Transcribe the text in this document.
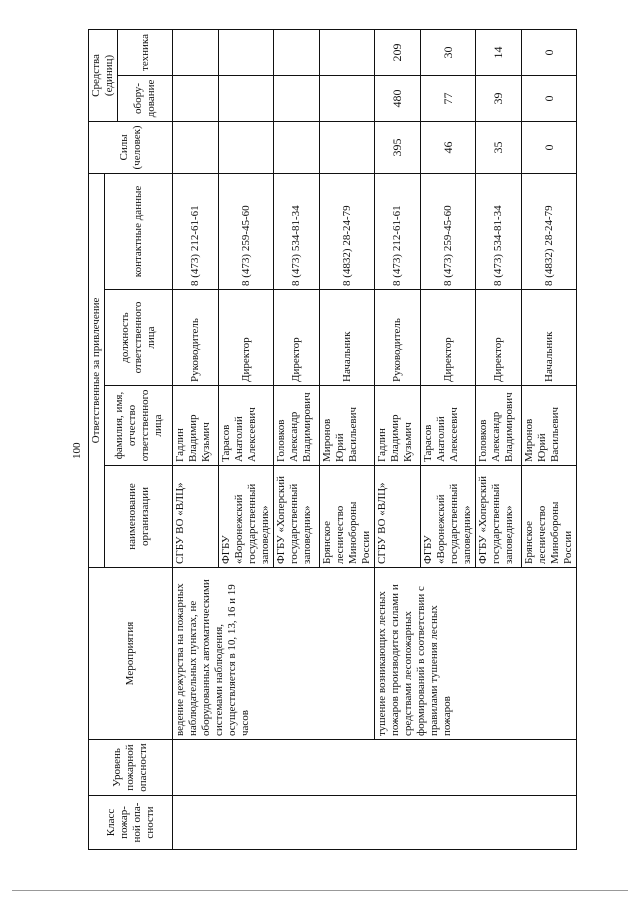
100
Класс пожар-ной опа-сности	Уровень пожарной опасности	Мероприятия	Ответственные за привлечение				Силы (человек)	Средства (единиц)	
			наименование организации	фамилия, имя, отчество ответственного лица	должность ответственного лица	контактные данные			
								обору-дование	техника
		ведение дежурства на пожарных наблюдательных пунктах, не оборудованных автоматическими системами наблюдения, осуществляется в 10, 13, 16 и 19 часов	СГБУ ВО «ВЛЦ»	Гадлин Владимир Кузьмич	Руководитель	8 (473) 212-61-61			
			ФГБУ «Воронежский государственный заповедник»	Тарасов Анатолий Алексеевич	Директор	8 (473) 259-45-60			
			ФГБУ «Хоперский государственный заповедник»	Головков Александр Владимирович	Директор	8 (473) 534-81-34			
			Брянское лесничество Минобороны России	Миронов Юрий Васильевич	Начальник	8 (4832) 28-24-79			
		тушение возникающих лесных пожаров производится силами и средствами лесопожарных формирований в соответствии с правилами тушения лесных пожаров	СГБУ ВО «ВЛЦ»	Гадлин Владимир Кузьмич	Руководитель	8 (473) 212-61-61	395	480	209
			ФГБУ «Воронежский государственный заповедник»	Тарасов Анатолий Алексеевич	Директор	8 (473) 259-45-60	46	77	30
			ФГБУ «Хоперский государственный заповедник»	Головков Александр Владимирович	Директор	8 (473) 534-81-34	35	39	14
			Брянское лесничество Минобороны России	Миронов Юрий Васильевич	Начальник	8 (4832) 28-24-79	0	0	0
